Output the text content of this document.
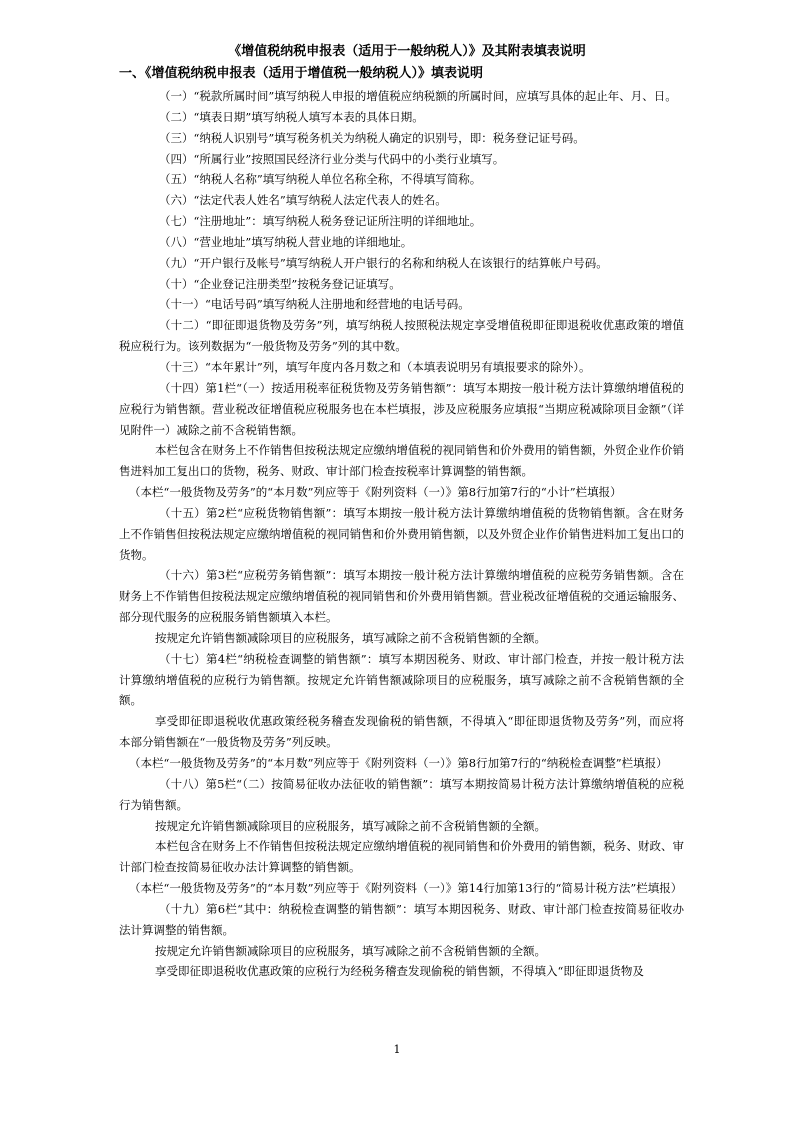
《增值税纳税申报表（适用于一般纳税人）》及其附表填表说明
一、《增值税纳税申报表（适用于增值税一般纳税人）》填表说明

（一）“税款所属时间”填写纳税人申报的增值税应纳税额的所属时间，应填写具体的起止年、月、日。

（二）“填表日期”填写纳税人填写本表的具体日期。

（三）“纳税人识别号”填写税务机关为纳税人确定的识别号，即：税务登记证号码。

（四）“所属行业”按照国民经济行业分类与代码中的小类行业填写。

（五）“纳税人名称”填写纳税人单位名称全称，不得填写简称。

（六）“法定代表人姓名”填写纳税人法定代表人的姓名。

（七）“注册地址”：填写纳税人税务登记证所注明的详细地址。

（八）“营业地址”填写纳税人营业地的详细地址。

（九）“开户银行及帐号”填写纳税人开户银行的名称和纳税人在该银行的结算帐户号码。

（十）“企业登记注册类型”按税务登记证填写。

（十一）“电话号码”填写纳税人注册地和经营地的电话号码。

（十二）“即征即退货物及劳务”列，填写纳税人按照税法规定享受增值税即征即退税收优惠政策的增值税应税行为。该列数据为“一般货物及劳务”列的其中数。

（十三）“本年累计”列，填写年度内各月数之和（本填表说明另有填报要求的除外）。

（十四）第1栏“（一）按适用税率征税货物及劳务销售额”：填写本期按一般计税方法计算缴纳增值税的应税行为销售额。营业税改征增值税应税服务也在本栏填报，涉及应税服务应填报“当期应税减除项目金额”（详见附件一）减除之前不含税销售额。

本栏包含在财务上不作销售但按税法规定应缴纳增值税的视同销售和价外费用的销售额，外贸企业作价销售进料加工复出口的货物，税务、财政、审计部门检查按税率计算调整的销售额。

（本栏“一般货物及劳务”的“本月数”列应等于《附列资料（一）》第8行加第7行的“小计”栏填报）

（十五）第2栏“应税货物销售额”：填写本期按一般计税方法计算缴纳增值税的货物销售额。含在财务上不作销售但按税法规定应缴纳增值税的视同销售和价外费用销售额，以及外贸企业作价销售进料加工复出口的货物。

（十六）第3栏“应税劳务销售额”：填写本期按一般计税方法计算缴纳增值税的应税劳务销售额。含在财务上不作销售但按税法规定应缴纳增值税的视同销售和价外费用销售额。营业税改征增值税的交通运输服务、部分现代服务的应税服务销售额填入本栏。

按规定允许销售额减除项目的应税服务，填写减除之前不含税销售额的全额。

（十七）第4栏“纳税检查调整的销售额”：填写本期因税务、财政、审计部门检查，并按一般计税方法计算缴纳增值税的应税行为销售额。按规定允许销售额减除项目的应税服务，填写减除之前不含税销售额的全额。

享受即征即退税收优惠政策经税务稽查发现偷税的销售额，不得填入“即征即退货物及劳务”列，而应将本部分销售额在“一般货物及劳务”列反映。

（本栏“一般货物及劳务”的“本月数”列应等于《附列资料（一）》第8行加第7行的“纳税检查调整”栏填报）

（十八）第5栏“（二）按简易征收办法征收的销售额”：填写本期按简易计税方法计算缴纳增值税的应税行为销售额。

按规定允许销售额减除项目的应税服务，填写减除之前不含税销售额的全额。

本栏包含在财务上不作销售但按税法规定应缴纳增值税的视同销售和价外费用的销售额，税务、财政、审计部门检查按简易征收办法计算调整的销售额。

（本栏“一般货物及劳务”的“本月数”列应等于《附列资料（一）》第14行加第13行的“简易计税方法”栏填报）

（十九）第6栏“其中：纳税检查调整的销售额”：填写本期因税务、财政、审计部门检查按简易征收办法计算调整的销售额。

按规定允许销售额减除项目的应税服务，填写减除之前不含税销售额的全额。

享受即征即退税收优惠政策的应税行为经税务稽查发现偷税的销售额，不得填入“即征即退货物及

1
